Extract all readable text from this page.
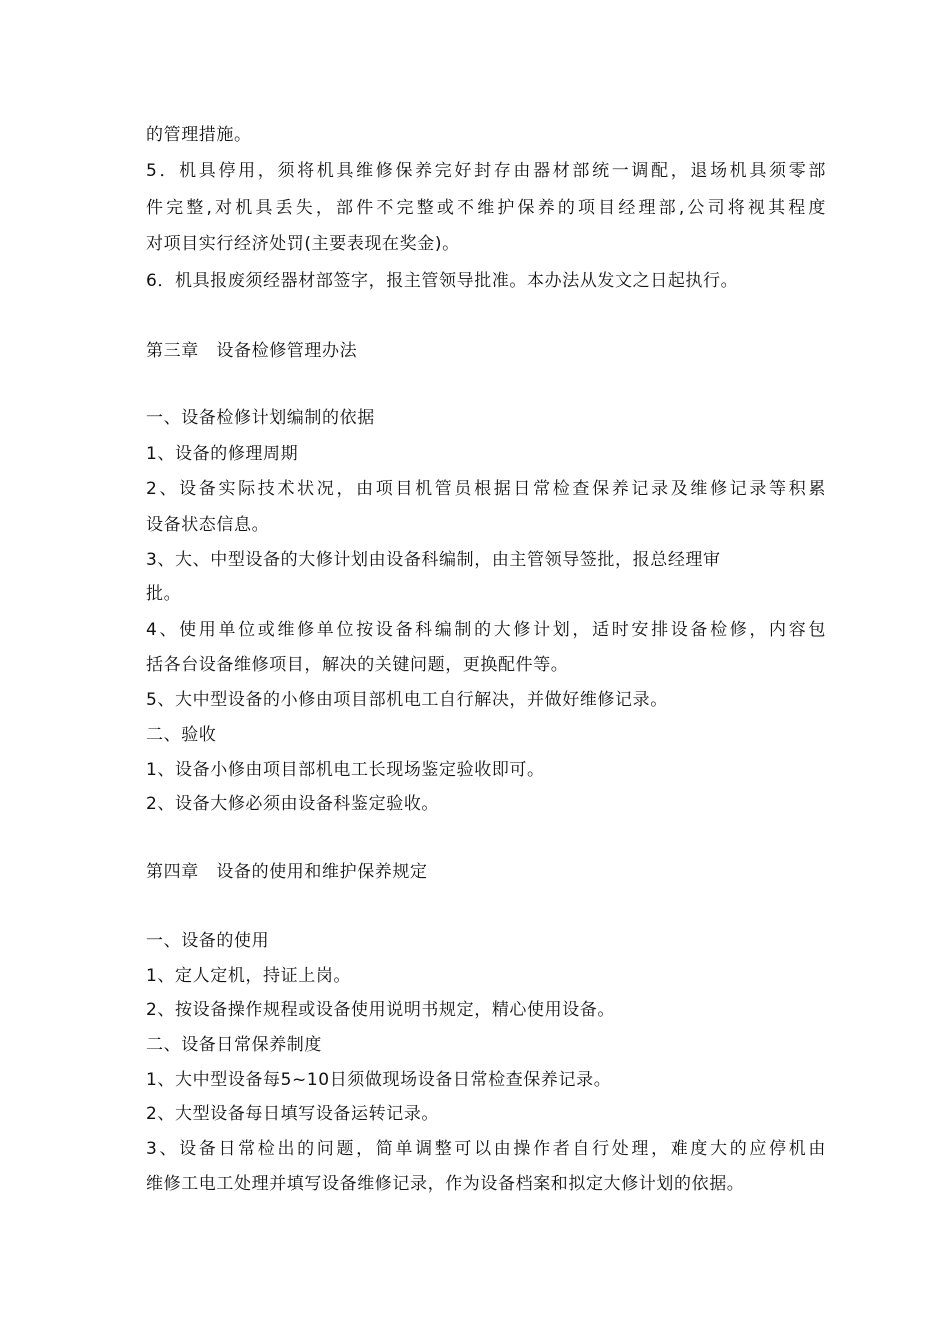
的管理措施。
5．机具停用，须将机具维修保养完好封存由器材部统一调配，退场机具须零部
件完整,对机具丢失，部件不完整或不维护保养的项目经理部,公司将视其程度
对项目实行经济处罚(主要表现在奖金)。
6．机具报废须经器材部签字，报主管领导批准。本办法从发文之日起执行。
第三章　设备检修管理办法
一、设备检修计划编制的依据
1、设备的修理周期
2、设备实际技术状况，由项目机管员根据日常检查保养记录及维修记录等积累
设备状态信息。
3、大、中型设备的大修计划由设备科编制，由主管领导签批，报总经理审
批。
4、使用单位或维修单位按设备科编制的大修计划，适时安排设备检修，内容包
括各台设备维修项目，解决的关键问题，更换配件等。
5、大中型设备的小修由项目部机电工自行解决，并做好维修记录。
二、验收
1、设备小修由项目部机电工长现场鉴定验收即可。
2、设备大修必须由设备科鉴定验收。
第四章　设备的使用和维护保养规定
一、设备的使用
1、定人定机，持证上岗。
2、按设备操作规程或设备使用说明书规定，精心使用设备。
二、设备日常保养制度
1、大中型设备每5~10日须做现场设备日常检查保养记录。
2、大型设备每日填写设备运转记录。
3、设备日常检出的问题，简单调整可以由操作者自行处理，难度大的应停机由
维修工电工处理并填写设备维修记录，作为设备档案和拟定大修计划的依据。
